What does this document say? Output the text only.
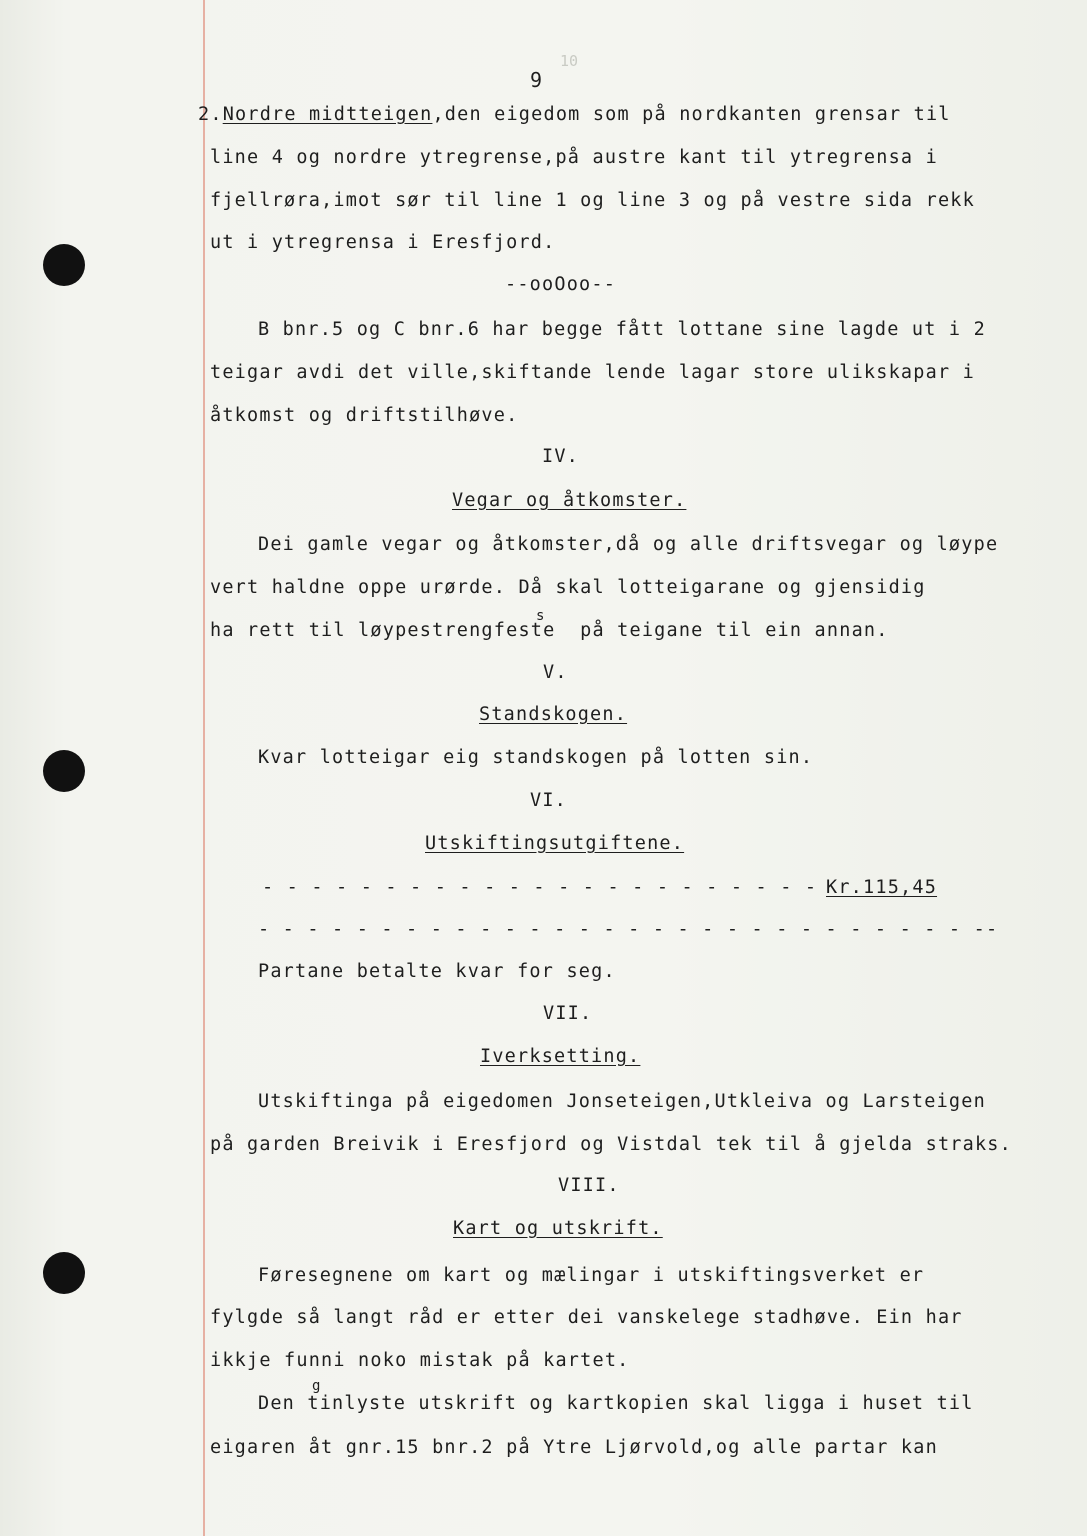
10
9
2.Nordre midtteigen,den eigedom som på nordkanten grensar til
line 4 og nordre ytregrense,på austre kant til ytregrensa i
fjellrøra,imot sør til line 1 og line 3 og på vestre sida rekk
ut i ytregrensa i Eresfjord.
--ooOoo--
B bnr.5 og C bnr.6 har begge fått lottane sine lagde ut i 2
teigar avdi det ville,skiftande lende lagar store ulikskapar i
åtkomst og driftstilhøve.
IV.
Vegar og åtkomster.
Dei gamle vegar og åtkomster,då og alle driftsvegar og løype
vert haldne oppe urørde. Då skal lotteigarane og gjensidig
s
ha rett til løypestrengfeste  på teigane til ein annan.
V.
Standskogen.
Kvar lotteigar eig standskogen på lotten sin.
VI.
Utskiftingsutgiftene.
- - - - - - - - - - - - - - - - - - - - - - - Kr.115,45
- - - - - - - - - - - - - - - - - - - - - - - - - - - - - --
Partane betalte kvar for seg.
VII.
Iverksetting.
Utskiftinga på eigedomen Jonseteigen,Utkleiva og Larsteigen
på garden Breivik i Eresfjord og Vistdal tek til å gjelda straks.
VIII.
Kart og utskrift.
Føresegnene om kart og mælingar i utskiftingsverket er
fylgde så langt råd er etter dei vanskelege stadhøve. Ein har
ikkje funni noko mistak på kartet.
g
Den tinlyste utskrift og kartkopien skal ligga i huset til
eigaren åt gnr.15 bnr.2 på Ytre Ljørvold,og alle partar kan
